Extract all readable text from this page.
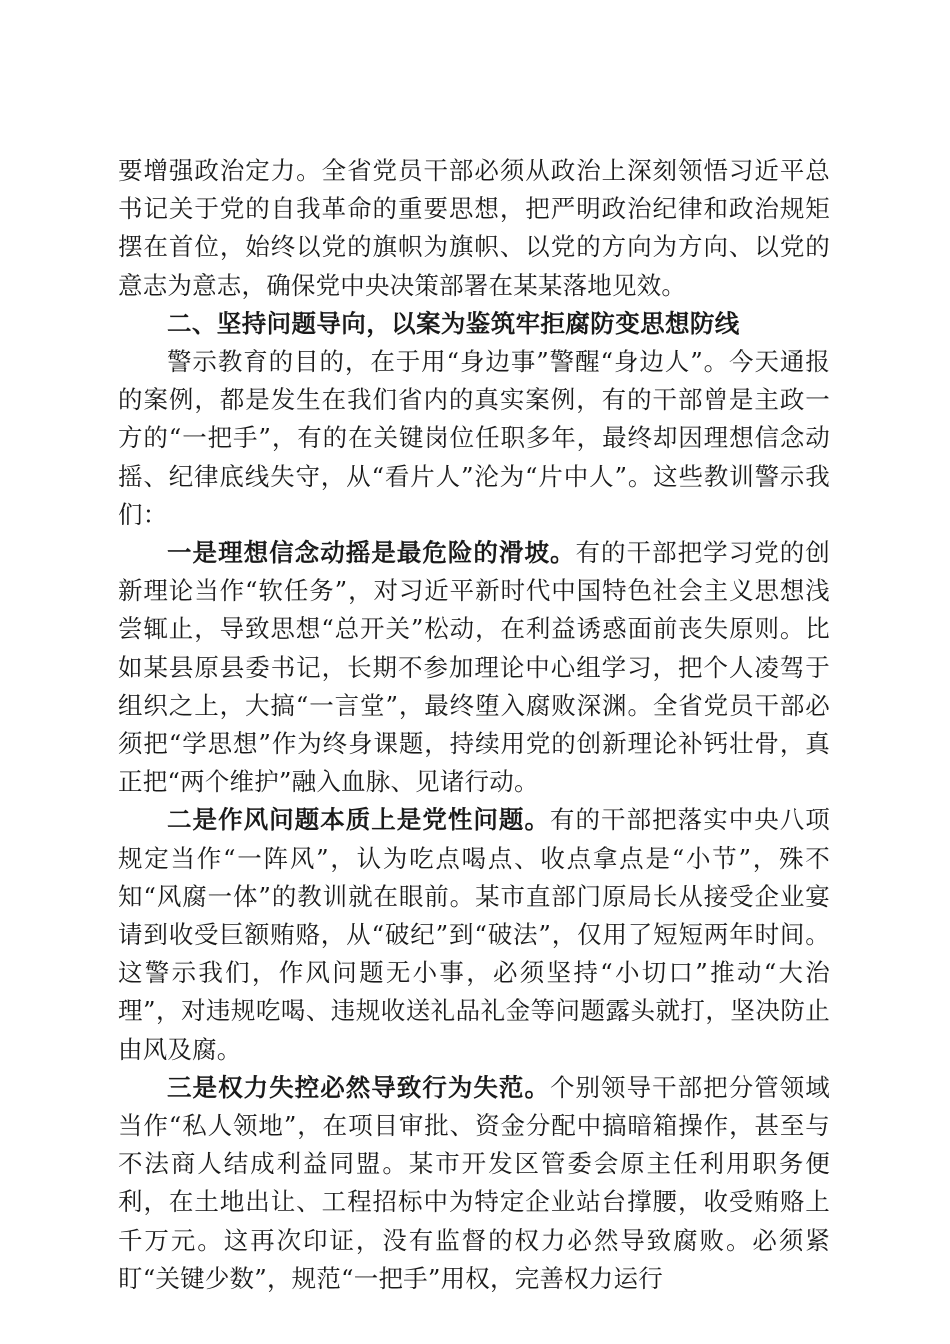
要增强政治定力。全省党员干部必须从政治上深刻领悟习近平总书记关于党的自我革命的重要思想，把严明政治纪律和政治规矩摆在首位，始终以党的旗帜为旗帜、以党的方向为方向、以党的意志为意志，确保党中央决策部署在某某落地见效。

二、坚持问题导向，以案为鉴筑牢拒腐防变思想防线

警示教育的目的，在于用“身边事”警醒“身边人”。今天通报的案例，都是发生在我们省内的真实案例，有的干部曾是主政一方的“一把手”，有的在关键岗位任职多年，最终却因理想信念动摇、纪律底线失守，从“看片人”沦为“片中人”。这些教训警示我们：

一是理想信念动摇是最危险的滑坡。有的干部把学习党的创新理论当作“软任务”，对习近平新时代中国特色社会主义思想浅尝辄止，导致思想“总开关”松动，在利益诱惑面前丧失原则。比如某县原县委书记，长期不参加理论中心组学习，把个人凌驾于组织之上，大搞“一言堂”，最终堕入腐败深渊。全省党员干部必须把“学思想”作为终身课题，持续用党的创新理论补钙壮骨，真正把“两个维护”融入血脉、见诸行动。

二是作风问题本质上是党性问题。有的干部把落实中央八项规定当作“一阵风”，认为吃点喝点、收点拿点是“小节”，殊不知“风腐一体”的教训就在眼前。某市直部门原局长从接受企业宴请到收受巨额贿赂，从“破纪”到“破法”，仅用了短短两年时间。这警示我们，作风问题无小事，必须坚持“小切口”推动“大治理”，对违规吃喝、违规收送礼品礼金等问题露头就打，坚决防止由风及腐。

三是权力失控必然导致行为失范。个别领导干部把分管领域当作“私人领地”，在项目审批、资金分配中搞暗箱操作，甚至与不法商人结成利益同盟。某市开发区管委会原主任利用职务便利，在土地出让、工程招标中为特定企业站台撑腰，收受贿赂上千万元。这再次印证，没有监督的权力必然导致腐败。必须紧盯“关键少数”，规范“一把手”用权，完善权力运行
